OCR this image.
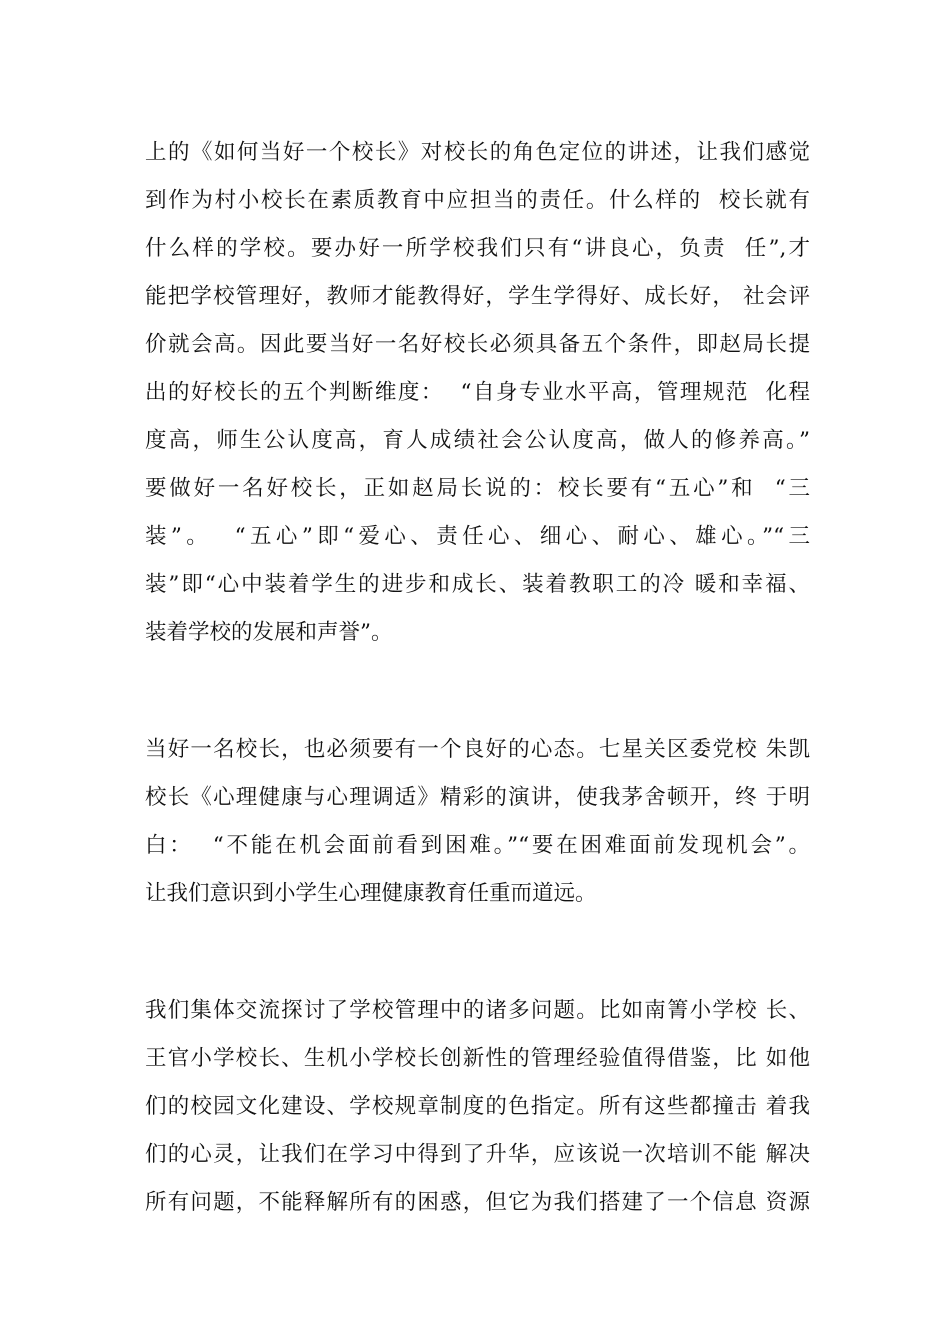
上的《如何当好一个校长》对校长的角色定位的讲述，让我们感觉
到作为村小校长在素质教育中应担当的责任。什么样的  校长就有
什么样的学校。要办好一所学校我们只有“讲良心，负责  任”,才
能把学校管理好，教师才能教得好，学生学得好、成长好， 社会评
价就会高。因此要当好一名好校长必须具备五个条件，即赵局长提
出的好校长的五个判断维度：  “自身专业水平高，管理规范  化程
度高，师生公认度高，育人成绩社会公认度高，做人的修养高。”
要做好一名好校长，正如赵局长说的：校长要有“五心”和  “三
装”。  “五心”即“爱心、责任心、细心、耐心、雄心。”“三
装”即“心中装着学生的进步和成长、装着教职工的冷 暖和幸福、
装着学校的发展和声誉”。
当好一名校长，也必须要有一个良好的心态。七星关区委党校 朱凯
校长《心理健康与心理调适》精彩的演讲，使我茅舍顿开，终 于明
白：  “不能在机会面前看到困难。”“要在困难面前发现机会”。
让我们意识到小学生心理健康教育任重而道远。
我们集体交流探讨了学校管理中的诸多问题。比如南箐小学校 长、
王官小学校长、生机小学校长创新性的管理经验值得借鉴，比 如他
们的校园文化建设、学校规章制度的色指定。所有这些都撞击 着我
们的心灵，让我们在学习中得到了升华，应该说一次培训不能 解决
所有问题，不能释解所有的困惑，但它为我们搭建了一个信息 资源
